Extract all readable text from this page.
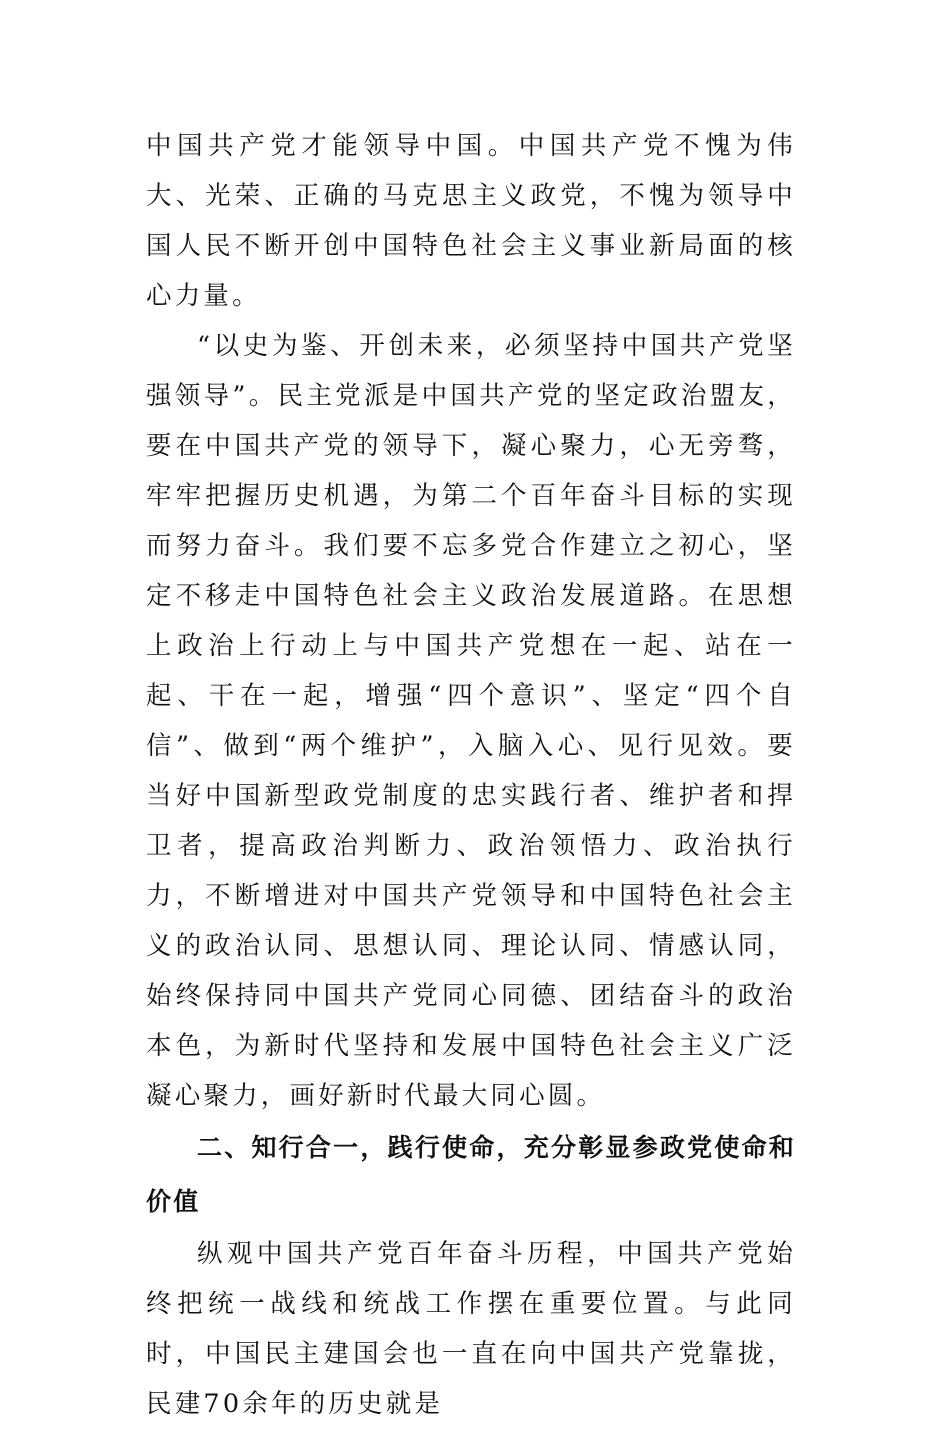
中国共产党才能领导中国。中国共产党不愧为伟大、光荣、正确的马克思主义政党，不愧为领导中国人民不断开创中国特色社会主义事业新局面的核心力量。

“以史为鉴、开创未来，必须坚持中国共产党坚强领导”。民主党派是中国共产党的坚定政治盟友，要在中国共产党的领导下，凝心聚力，心无旁骛，牢牢把握历史机遇，为第二个百年奋斗目标的实现而努力奋斗。我们要不忘多党合作建立之初心，坚定不移走中国特色社会主义政治发展道路。在思想上政治上行动上与中国共产党想在一起、站在一起、干在一起，增强“四个意识”、坚定“四个自信”、做到“两个维护”，入脑入心、见行见效。要当好中国新型政党制度的忠实践行者、维护者和捍卫者，提高政治判断力、政治领悟力、政治执行力，不断增进对中国共产党领导和中国特色社会主义的政治认同、思想认同、理论认同、情感认同，始终保持同中国共产党同心同德、团结奋斗的政治本色，为新时代坚持和发展中国特色社会主义广泛凝心聚力，画好新时代最大同心圆。

二、知行合一，践行使命，充分彰显参政党使命和价值

纵观中国共产党百年奋斗历程，中国共产党始终把统一战线和统战工作摆在重要位置。与此同时，中国民主建国会也一直在向中国共产党靠拢，民建70余年的历史就是
